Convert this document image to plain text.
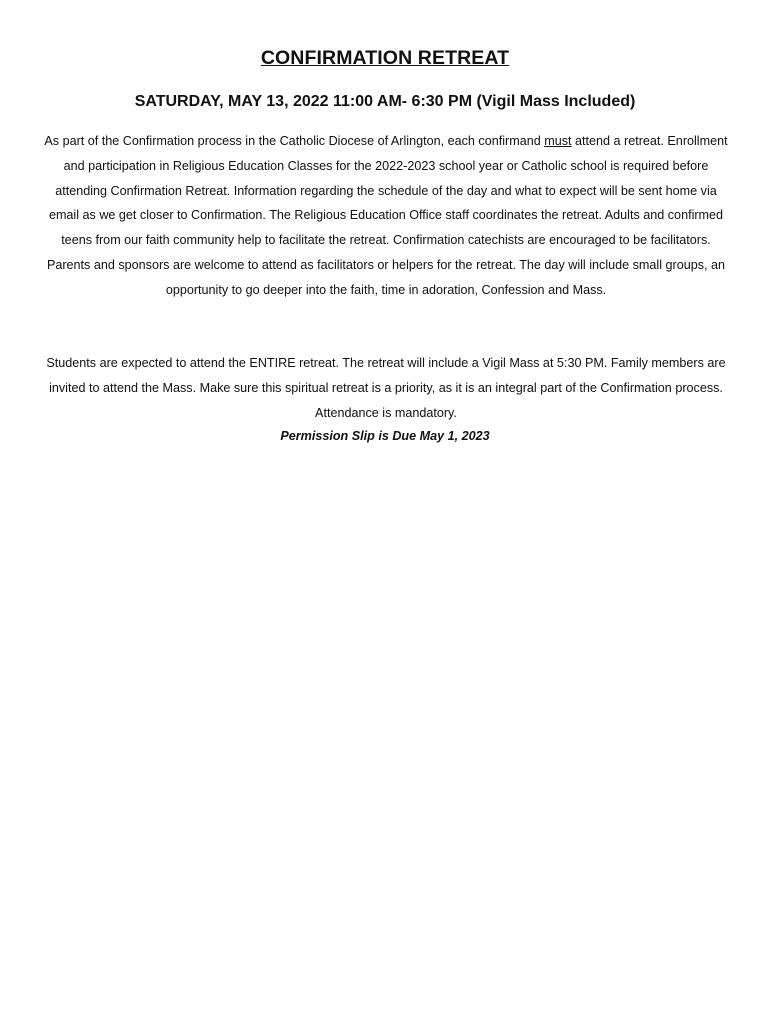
CONFIRMATION RETREAT
SATURDAY, MAY 13, 2022 11:00 AM- 6:30 PM (Vigil Mass Included)

As part of the Confirmation process in the Catholic Diocese of Arlington, each confirmand must attend a retreat. Enrollment and participation in Religious Education Classes for the 2022-2023 school year or Catholic school is required before attending Confirmation Retreat. Information regarding the schedule of the day and what to expect will be sent home via email as we get closer to Confirmation. The Religious Education Office staff coordinates the retreat. Adults and confirmed teens from our faith community help to facilitate the retreat. Confirmation catechists are encouraged to be facilitators. Parents and sponsors are welcome to attend as facilitators or helpers for the retreat. The day will include small groups, an opportunity to go deeper into the faith, time in adoration, Confession and Mass.

Students are expected to attend the ENTIRE retreat. The retreat will include a Vigil Mass at 5:30 PM. Family members are invited to attend the Mass. Make sure this spiritual retreat is a priority, as it is an integral part of the Confirmation process. Attendance is mandatory.

Permission Slip is Due May 1, 2023
